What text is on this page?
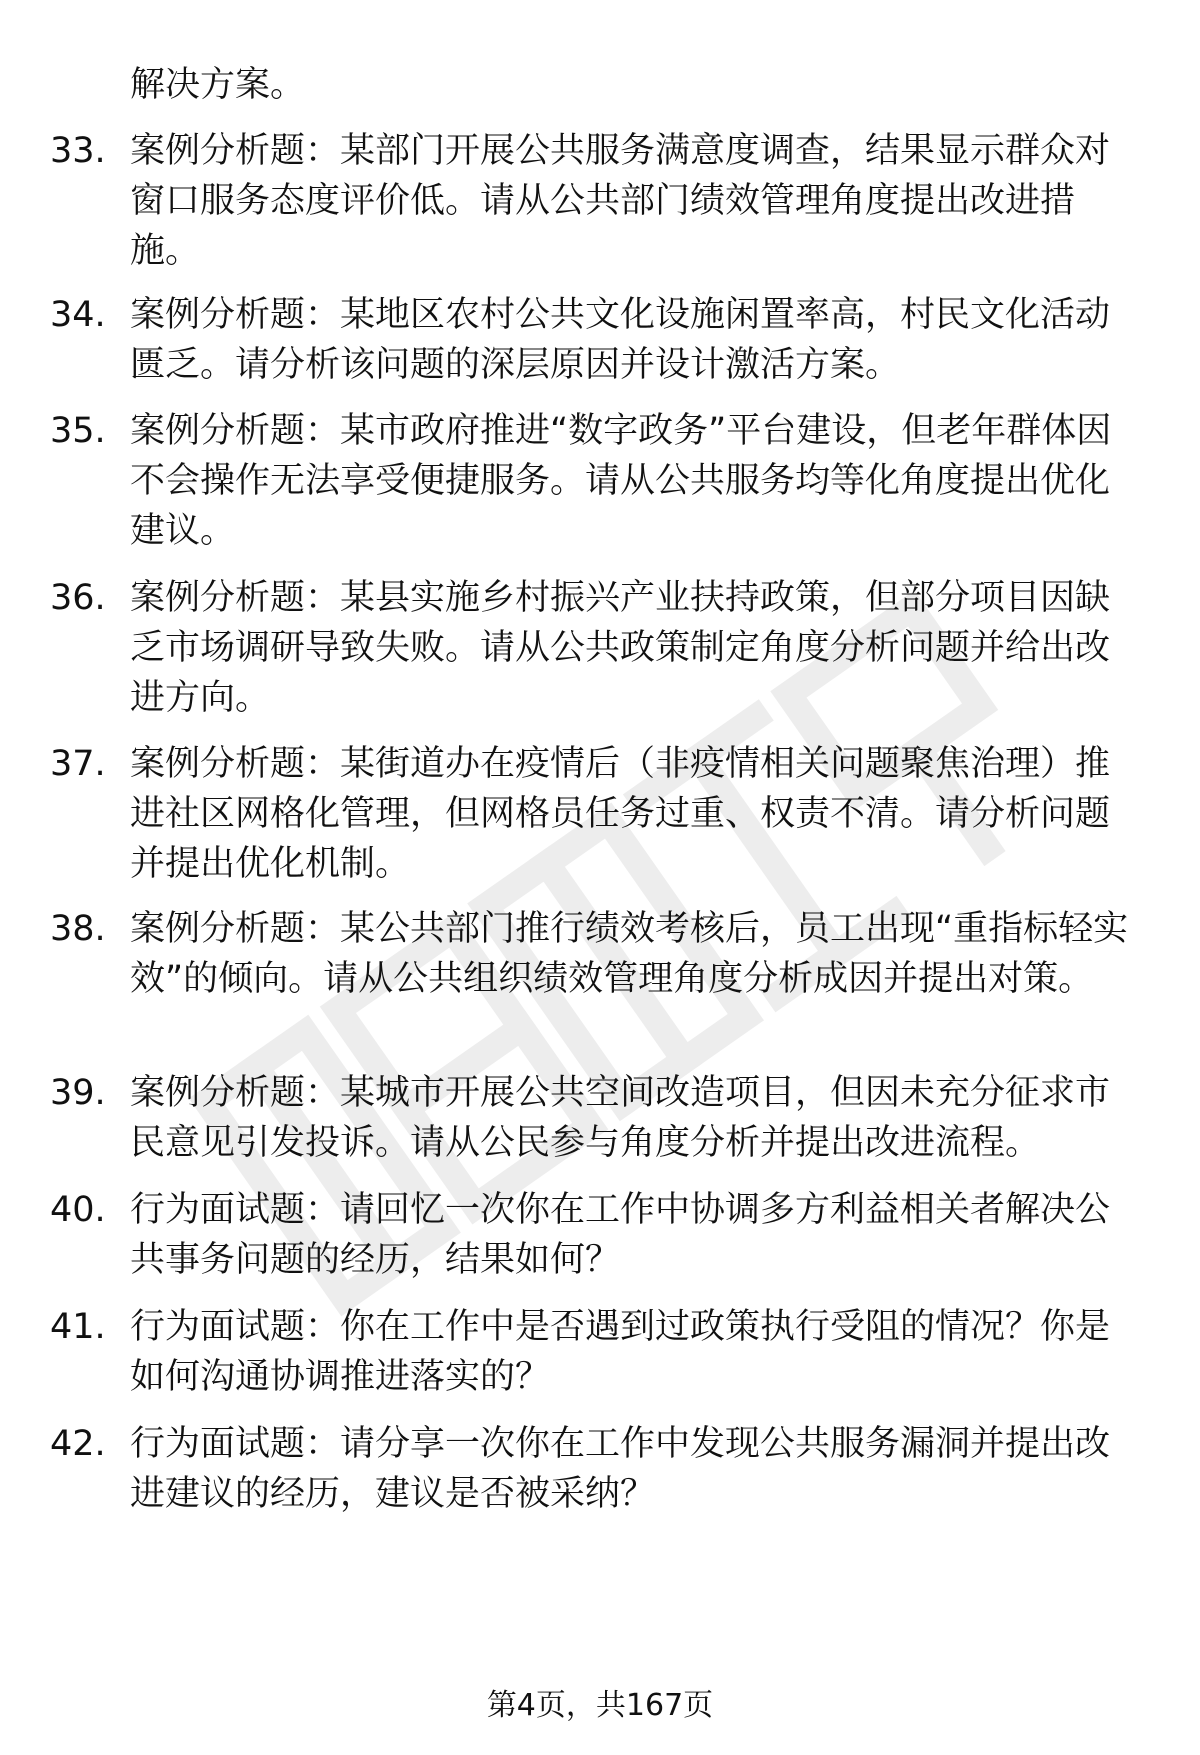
解决方案。

33. 案例分析题：某部门开展公共服务满意度调查，结果显示群众对窗口服务态度评价低。请从公共部门绩效管理角度提出改进措施。
34. 案例分析题：某地区农村公共文化设施闲置率高，村民文化活动匮乏。请分析该问题的深层原因并设计激活方案。
35. 案例分析题：某市政府推进“数字政务”平台建设，但老年群体因不会操作无法享受便捷服务。请从公共服务均等化角度提出优化建议。
36. 案例分析题：某县实施乡村振兴产业扶持政策，但部分项目因缺乏市场调研导致失败。请从公共政策制定角度分析问题并给出改进方向。
37. 案例分析题：某街道办在疫情后（非疫情相关问题聚焦治理）推进社区网格化管理，但网格员任务过重、权责不清。请分析问题并提出优化机制。
38. 案例分析题：某公共部门推行绩效考核后，员工出现“重指标轻实效”的倾向。请从公共组织绩效管理角度分析成因并提出对策。
39. 案例分析题：某城市开展公共空间改造项目，但因未充分征求市民意见引发投诉。请从公民参与角度分析并提出改进流程。
40. 行为面试题：请回忆一次你在工作中协调多方利益相关者解决公共事务问题的经历，结果如何？
41. 行为面试题：你在工作中是否遇到过政策执行受阻的情况？你是如何沟通协调推进落实的？
42. 行为面试题：请分享一次你在工作中发现公共服务漏洞并提出改进建议的经历，建议是否被采纳？
第4页，共167页
